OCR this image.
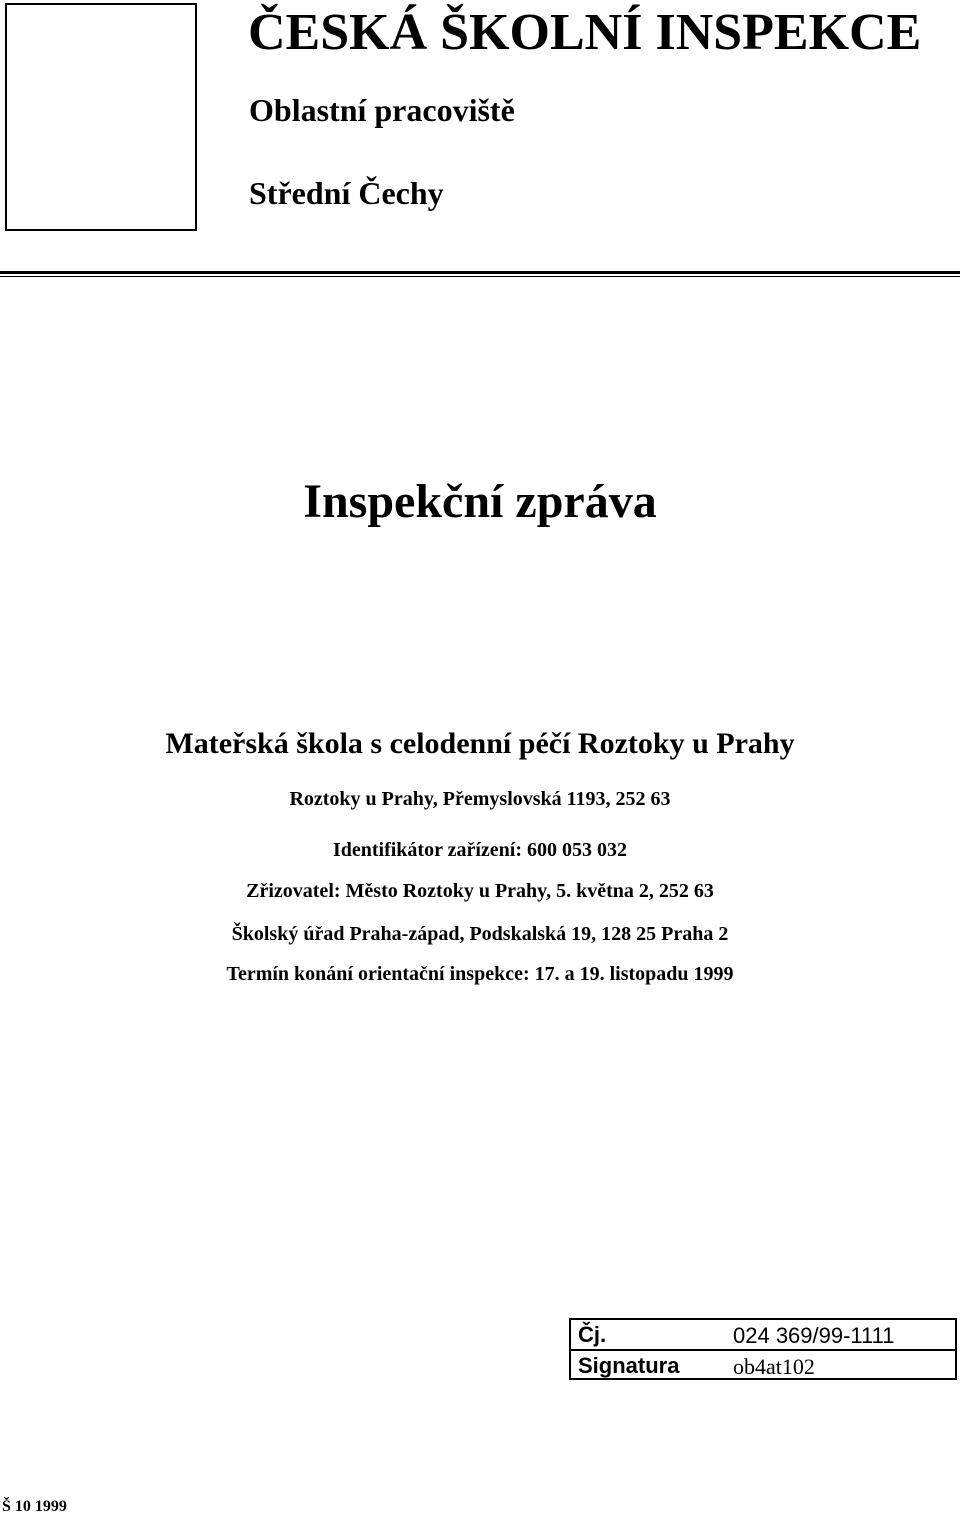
ČESKÁ ŠKOLNÍ INSPEKCE
Oblastní pracoviště
Střední Čechy
Inspekční zpráva
Mateřská škola s celodenní péčí Roztoky u Prahy
Roztoky u Prahy, Přemyslovská 1193, 252 63
Identifikátor zařízení: 600 053 032
Zřizovatel: Město Roztoky u Prahy, 5. května 2, 252 63
Školský úřad Praha-západ, Podskalská 19, 128 25 Praha 2
Termín konání orientační inspekce: 17. a 19. listopadu 1999
Čj.	024 369/99-1111
Signatura ob4at102
Š 10 1999
